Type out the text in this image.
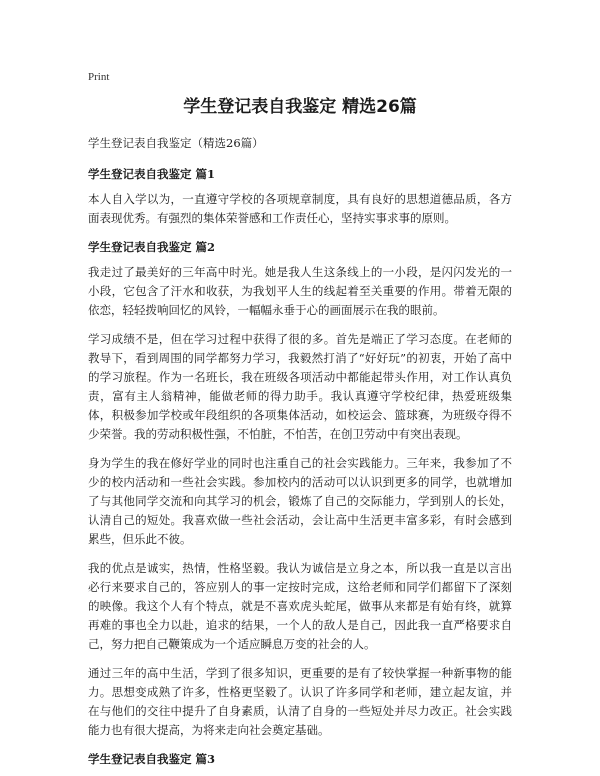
Print
学生登记表自我鉴定 精选26篇

学生登记表自我鉴定（精选26篇）

学生登记表自我鉴定 篇1

本人自入学以为，一直遵守学校的各项规章制度，具有良好的思想道德品质，各方面表现优秀。有强烈的集体荣誉感和工作责任心，坚持实事求事的原则。

学生登记表自我鉴定 篇2

我走过了最美好的三年高中时光。她是我人生这条线上的一小段，是闪闪发光的一小段，它包含了汗水和收获，为我划平人生的线起着至关重要的作用。带着无限的依恋，轻轻拨响回忆的风铃，一幅幅永垂于心的画面展示在我的眼前。

学习成绩不是，但在学习过程中获得了很的多。首先是端正了学习态度。在老师的教导下，看到周围的同学都努力学习，我毅然打消了“好好玩”的初衷，开始了高中的学习旅程。作为一名班长，我在班级各项活动中都能起带头作用，对工作认真负责，富有主人翁精神，能做老师的得力助手。我认真遵守学校纪律，热爱班级集体，积极参加学校或年段组织的各项集体活动，如校运会、篮球赛，为班级夺得不少荣誉。我的劳动积极性强，不怕脏，不怕苦，在创卫劳动中有突出表现。

身为学生的我在修好学业的同时也注重自己的社会实践能力。三年来，我参加了不少的校内活动和一些社会实践。参加校内的活动可以认识到更多的同学，也就增加了与其他同学交流和向其学习的机会，锻炼了自己的交际能力，学到别人的长处，认清自己的短处。我喜欢做一些社会活动，会让高中生活更丰富多彩，有时会感到累些，但乐此不彼。

我的优点是诚实，热情，性格坚毅。我认为诚信是立身之本，所以我一直是以言出必行来要求自己的，答应别人的事一定按时完成，这给老师和同学们都留下了深刻的映像。我这个人有个特点，就是不喜欢虎头蛇尾，做事从来都是有始有终，就算再难的事也全力以赴，追求的结果，一个人的敌人是自己，因此我一直严格要求自己，努力把自己鞭策成为一个适应瞬息万变的社会的人。

通过三年的高中生活，学到了很多知识，更重要的是有了较快掌握一种新事物的能力。思想变成熟了许多，性格更坚毅了。认识了许多同学和老师，建立起友谊，并在与他们的交往中提升了自身素质，认清了自身的一些短处并尽力改正。社会实践能力也有很大提高，为将来走向社会奠定基础。

学生登记表自我鉴定 篇3
